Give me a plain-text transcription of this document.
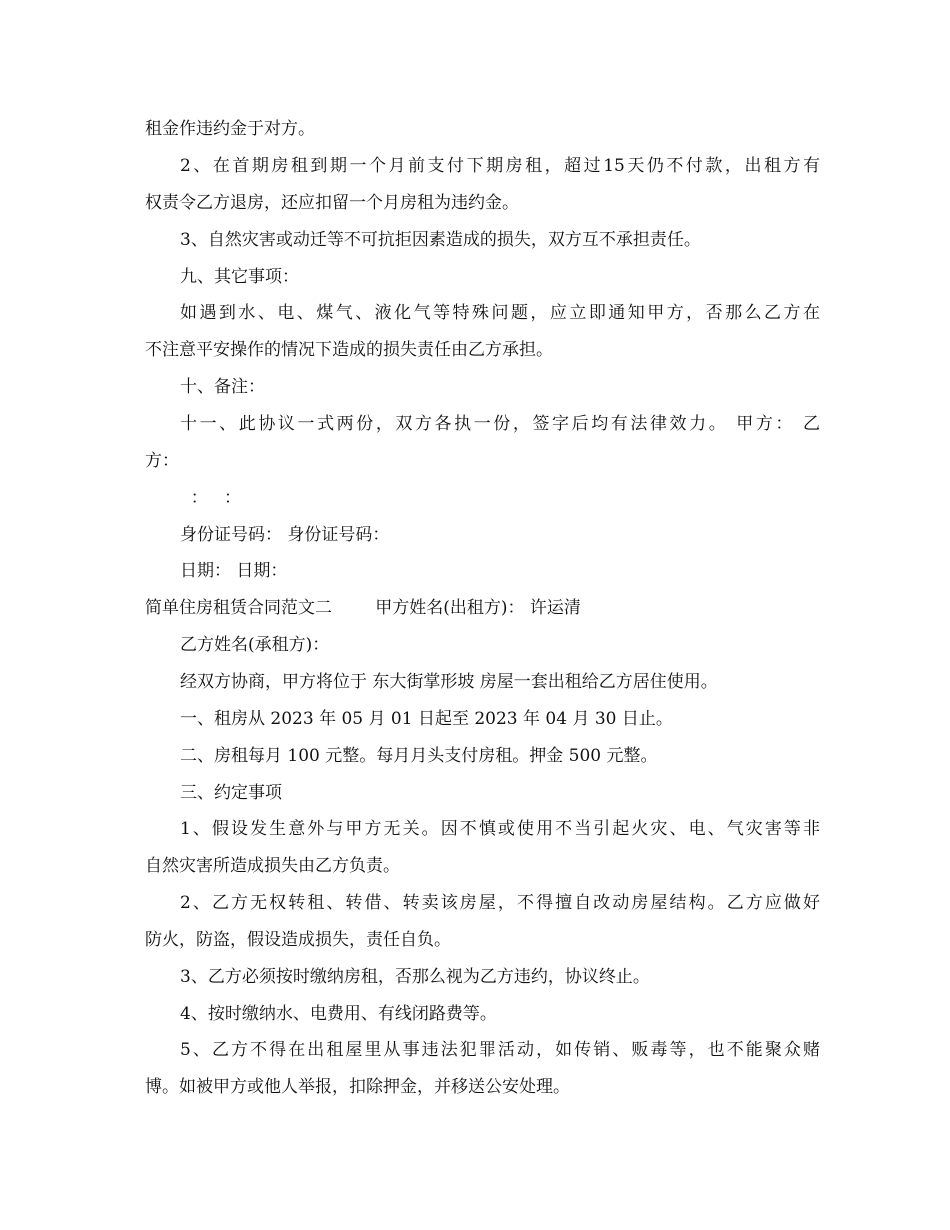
租金作违约金于对方。
2、在首期房租到期一个月前支付下期房租，超过15天仍不付款，出租方有
权责令乙方退房，还应扣留一个月房租为违约金。
3、自然灾害或动迁等不可抗拒因素造成的损失，双方互不承担责任。
九、其它事项：
如遇到水、电、煤气、液化气等特殊问题，应立即通知甲方，否那么乙方在
不注意平安操作的情况下造成的损失责任由乙方承担。
十、备注：
十一、此协议一式两份，双方各执一份，签字后均有法律效力。 甲方： 乙
方：
：   ：
身份证号码： 身份证号码：
日期： 日期：
简单住房租赁合同范文二        甲方姓名(出租方)： 许运清
乙方姓名(承租方)：
经双方协商，甲方将位于 东大街掌形坡 房屋一套出租给乙方居住使用。
一、租房从 2023 年 05 月 01 日起至 2023 年 04 月 30 日止。
二、房租每月 100 元整。每月月头支付房租。押金 500 元整。
三、约定事项
1、假设发生意外与甲方无关。因不慎或使用不当引起火灾、电、气灾害等非
自然灾害所造成损失由乙方负责。
2、乙方无权转租、转借、转卖该房屋，不得擅自改动房屋结构。乙方应做好
防火，防盗，假设造成损失，责任自负。
3、乙方必须按时缴纳房租，否那么视为乙方违约，协议终止。
4、按时缴纳水、电费用、有线闭路费等。
5、乙方不得在出租屋里从事违法犯罪活动，如传销、贩毒等，也不能聚众赌
博。如被甲方或他人举报，扣除押金，并移送公安处理。
